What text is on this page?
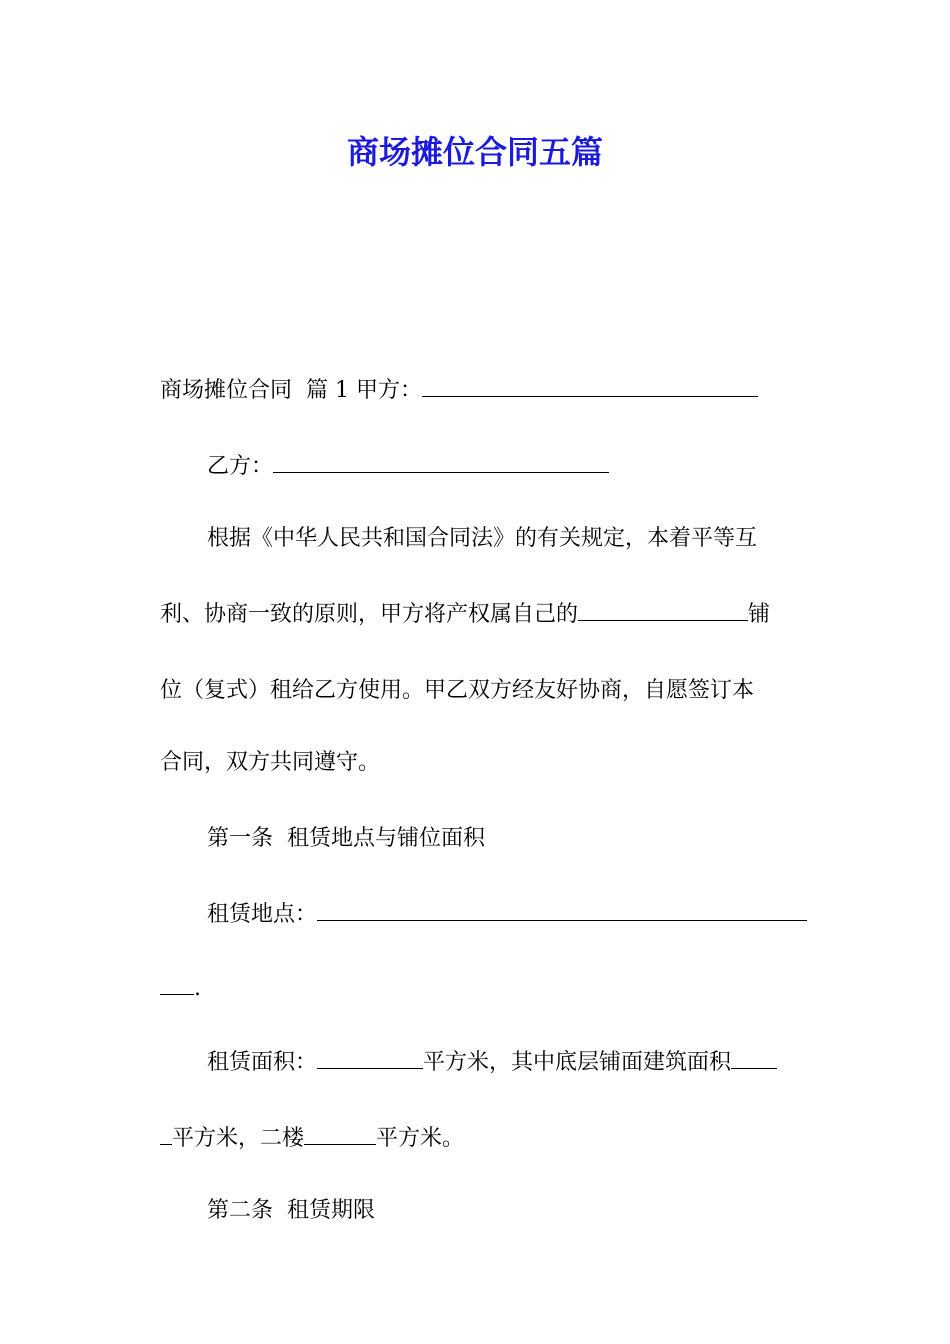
商场摊位合同五篇

商场摊位合同  篇 1 甲方：

乙方：

根据《中华人民共和国合同法》的有关规定，本着平等互

利、协商一致的原则，甲方将产权属自己的	铺

位（复式）租给乙方使用。甲乙双方经友好协商，自愿签订本

合同，双方共同遵守。

第一条  租赁地点与铺位面积

租赁地点：

.

租赁面积：	平方米，其中底层铺面建筑面积

平方米，二楼	平方米。

第二条  租赁期限
